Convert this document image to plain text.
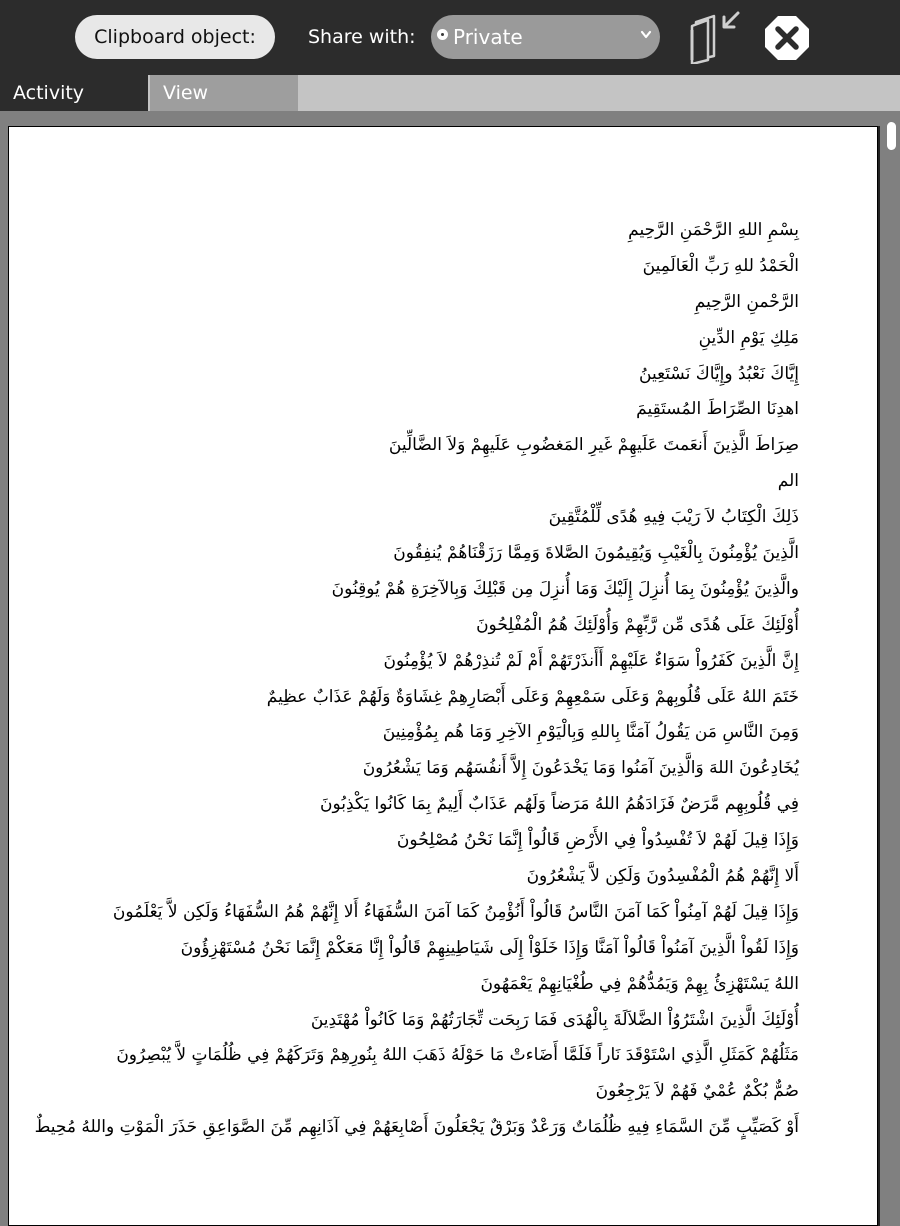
Clipboard object:	Share with: Private
Activity	View
بِسْمِ اللهِ الرَّحْمَنِ الرَّحِيمِ
الْحَمْدُ للهِ رَبِّ الْعَالَمِينَ
الرَّحْمنِ الرَّحِيمِ
مَلِكِ يَوْمِ الدِّينِ
إِيَّاكَ نَعْبُدُ وإِيَّاكَ نَسْتَعِينُ
اهدِنَا الصِّرَاطَ المُستَقِيمَ
صِرَاطَ الَّذِينَ أَنعَمتَ عَلَيهِمْ غَيرِ المَغضُوبِ عَلَيهِمْ وَلاَ الضَّالِّينَ
الم
ذَلِكَ الْكِتَابُ لاَ رَيْبَ فِيهِ هُدًى لِّلْمُتَّقِينَ
الَّذِينَ يُؤْمِنُونَ بِالْغَيْبِ وَيُقِيمُونَ الصَّلاةَ وَمِمَّا رَزَقْنَاهُمْ يُنفِقُونَ
والَّذِينَ يُؤْمِنُونَ بِمَا أُنزِلَ إِلَيْكَ وَمَا أُنزِلَ مِن قَبْلِكَ وَبِالآخِرَةِ هُمْ يُوقِنُونَ
أُوْلَئِكَ عَلَى هُدًى مِّن رَّبِّهِمْ وَأُوْلَئِكَ هُمُ الْمُفْلِحُونَ
إِنَّ الَّذِينَ كَفَرُواْ سَوَاءٌ عَلَيْهِمْ أَأَنذَرْتَهُمْ أَمْ لَمْ تُنذِرْهُمْ لاَ يُؤْمِنُونَ
خَتَمَ اللهُ عَلَى قُلُوبِهمْ وَعَلَى سَمْعِهِمْ وَعَلَى أَبْصَارِهِمْ غِشَاوَةٌ وَلَهُمْ عَذَابٌ عظِيمٌ
وَمِنَ النَّاسِ مَن يَقُولُ آمَنَّا بِاللهِ وَبِالْيَوْمِ الآخِرِ وَمَا هُم بِمُؤْمِنِينَ
يُخَادِعُونَ اللهَ وَالَّذِينَ آمَنُوا وَمَا يَخْدَعُونَ إِلاَّ أَنفُسَهُم وَمَا يَشْعُرُونَ
فِي قُلُوبِهِم مَّرَضٌ فَزَادَهُمُ اللهُ مَرَضاً وَلَهُم عَذَابٌ أَلِيمٌ بِمَا كَانُوا يَكْذِبُونَ
وَإِذَا قِيلَ لَهُمْ لاَ تُفْسِدُواْ فِي الأَرْضِ قَالُواْ إِنَّمَا نَحْنُ مُصْلِحُونَ
أَلا إِنَّهُمْ هُمُ الْمُفْسِدُونَ وَلَكِن لاَّ يَشْعُرُونَ
وَإِذَا قِيلَ لَهُمْ آمِنُواْ كَمَا آمَنَ النَّاسُ قَالُواْ أَنُؤْمِنُ كَمَا آمَنَ السُّفَهَاءُ أَلا إِنَّهُمْ هُمُ السُّفَهَاءُ وَلَكِن لاَّ يَعْلَمُونَ
وَإِذَا لَقُواْ الَّذِينَ آمَنُواْ قَالُواْ آمَنَّا وَإِذَا خَلَوْاْ إِلَى شَيَاطِينِهِمْ قَالُواْ إِنَّا مَعَكْمْ إِنَّمَا نَحْنُ مُسْتَهْزِؤُونَ
اللهُ يَسْتَهْزِئُ بِهِمْ وَيَمُدُّهُمْ فِي طُغْيَانِهِمْ يَعْمَهُونَ
أُوْلَئِكَ الَّذِينَ اشْتَرُوُاْ الضَّلاَلَةَ بِالْهُدَى فَمَا رَبِحَت تِّجَارَتُهُمْ وَمَا كَانُواْ مُهْتَدِينَ
مَثَلُهُمْ كَمَثَلِ الَّذِي اسْتَوْقَدَ نَاراً فَلَمَّا أَضَاءتْ مَا حَوْلَهُ ذَهَبَ اللهُ بِنُورِهِمْ وَتَرَكَهُمْ فِي ظُلُمَاتٍ لاَّ يُبْصِرُونَ
صُمٌّ بُكْمٌ عُمْيٌ فَهُمْ لاَ يَرْجِعُونَ
أَوْ كَصَيِّبٍ مِّنَ السَّمَاءِ فِيهِ ظُلُمَاتٌ وَرَعْدٌ وَبَرْقٌ يَجْعَلُونَ أَصْابِعَهُمْ فِي آذَانِهِم مِّنَ الصَّوَاعِقِ حَذَرَ الْمَوْتِ واللهُ مُحِيطٌ
